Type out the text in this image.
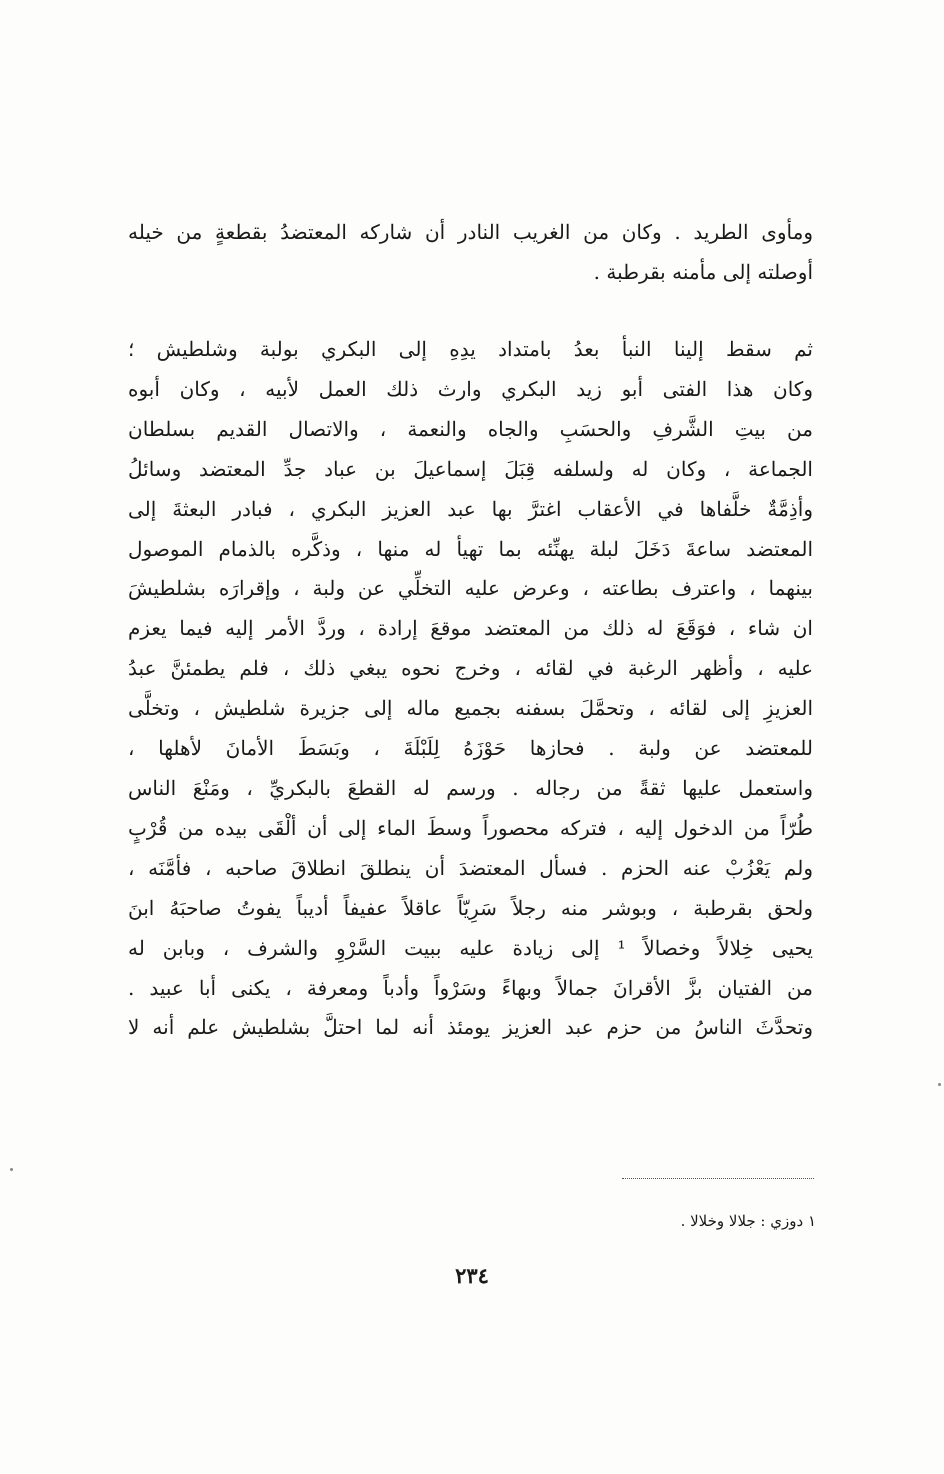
ومأوى الطريد . وكان من الغريب النادر أن شاركه المعتضدُ بقطعةٍ من خيله
أوصلته إلى مأمنه بقرطبة .
ثم سقط إلينا النبأ بعدُ بامتداد يدِهِ إلى البكري بولبة وشلطيش ؛
وكان هذا الفتى أبو زيد البكري وارث ذلك العمل لأبيه ، وكان أبوه
من بيتِ الشَّرفِ والحسَبِ والجاه والنعمة ، والاتصال القديم بسلطان
الجماعة ، وكان له ولسلفه قِبَلَ إسماعيلَ بن عباد جدِّ المعتضد وسائلُ
وأذِمَّةٌ خلَّفاها في الأعقاب اغترَّ بها عبد العزيز البكري ، فبادر البعثةَ إلى
المعتضد ساعةَ دَخَلَ لبلة يهنِّئه بما تهيأ له منها ، وذكَّره بالذمام الموصول
بينهما ، واعترف بطاعته ، وعرض عليه التخلِّي عن ولبة ، وإقرارَه بشلطيشَ
ان شاء ، فوَقَعَ له ذلك من المعتضد موقعَ إرادة ، وردَّ الأمر إليه فيما يعزم
عليه ، وأظهر الرغبة في لقائه ، وخرج نحوه يبغي ذلك ، فلم يطمئنَّ عبدُ
العزيزِ إلى لقائه ، وتحمَّلَ بسفنه بجميع ماله إلى جزيرة شلطيش ، وتخلَّى
للمعتضد عن ولبة . فحازها حَوْزَهُ لِلَبْلَةَ ، وبَسَطَ الأمانَ لأهلها ،
واستعمل عليها ثقةً من رجاله . ورسم له القطعَ بالبكريِّ ، ومَنْعَ الناس
طُرّاً من الدخول إليه ، فتركه محصوراً وسطَ الماء إلى أن ألْقَى بيده من قُرْبٍ
ولم يَعْزُبْ عنه الحزم . فسأل المعتضدَ أن ينطلقَ انطلاقَ صاحبه ، فأمَّنَه ،
ولحق بقرطبة ، وبوشر منه رجلاً سَرِيّاً عاقلاً عفيفاً أديباً يفوتُ صاحبَهُ ابنَ
يحيى خِلالاً وخصالاً ¹ إلى زيادة عليه ببيت السَّرْوِ والشرف ، وبابن له
من الفتيان بزَّ الأقرانَ جمالاً وبهاءً وسَرْواً وأدباً ومعرفة ، يكنى أبا عبيد .
وتحدَّثَ الناسُ من حزم عبد العزيز يومئذ أنه لما احتلَّ بشلطيش علم أنه لا
١ دوزي : جلالا وخلالا .
٢٣٤
